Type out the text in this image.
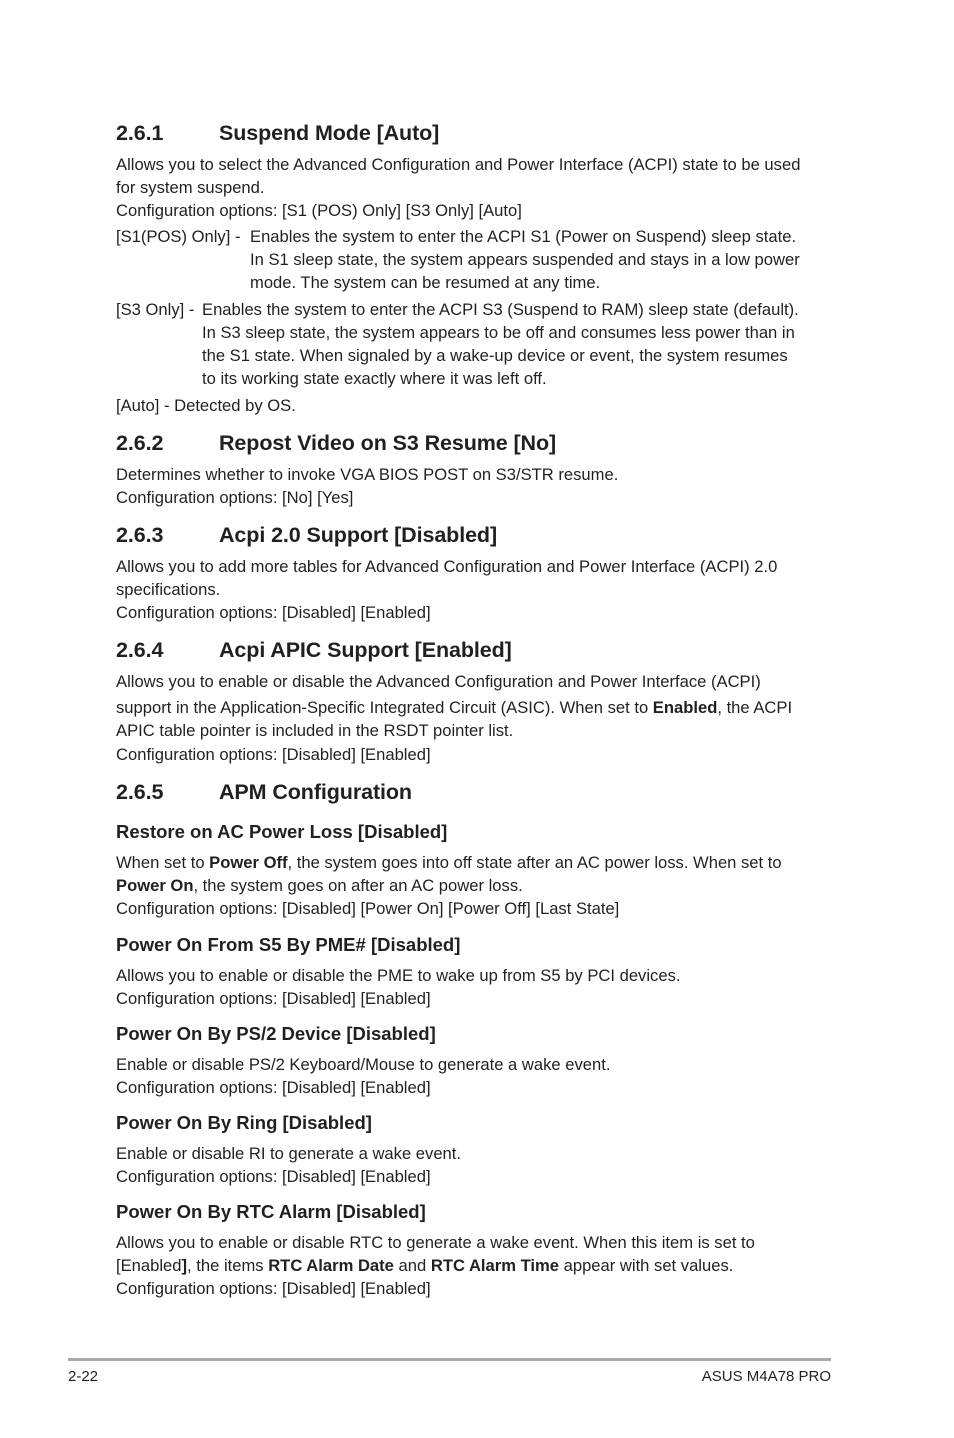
2.6.1	Suspend Mode [Auto]
Allows you to select the Advanced Configuration and Power Interface (ACPI) state to be used
for system suspend.
Configuration options: [S1 (POS) Only] [S3 Only] [Auto]
[S1(POS) Only] - Enables the system to enter the ACPI S1 (Power on Suspend) sleep state.
In S1 sleep state, the system appears suspended and stays in a low power
mode. The system can be resumed at any time.
[S3 Only] - Enables the system to enter the ACPI S3 (Suspend to RAM) sleep state (default).
In S3 sleep state, the system appears to be off and consumes less power than in
the S1 state. When signaled by a wake-up device or event, the system resumes
to its working state exactly where it was left off.
[Auto] - Detected by OS.
2.6.2	Repost Video on S3 Resume [No]
Determines whether to invoke VGA BIOS POST on S3/STR resume.
Configuration options: [No] [Yes]
2.6.3	Acpi 2.0 Support [Disabled]
Allows you to add more tables for Advanced Configuration and Power Interface (ACPI) 2.0
specifications.
Configuration options: [Disabled] [Enabled]
2.6.4	Acpi APIC Support [Enabled]
Allows you to enable or disable the Advanced Configuration and Power Interface (ACPI)
support in the Application-Specific Integrated Circuit (ASIC). When set to Enabled, the ACPI
APIC table pointer is included in the RSDT pointer list.
Configuration options: [Disabled] [Enabled]
2.6.5	APM Configuration
Restore on AC Power Loss [Disabled]
When set to Power Off, the system goes into off state after an AC power loss. When set to
Power On, the system goes on after an AC power loss.
Configuration options: [Disabled] [Power On] [Power Off] [Last State]
Power On From S5 By PME# [Disabled]
Allows you to enable or disable the PME to wake up from S5 by PCI devices.
Configuration options: [Disabled] [Enabled]
Power On By PS/2 Device [Disabled]
Enable or disable PS/2 Keyboard/Mouse to generate a wake event.
Configuration options: [Disabled] [Enabled]
Power On By Ring [Disabled]
Enable or disable RI to generate a wake event.
Configuration options: [Disabled] [Enabled]
Power On By RTC Alarm [Disabled]
Allows you to enable or disable RTC to generate a wake event. When this item is set to
[Enabled], the items RTC Alarm Date and RTC Alarm Time appear with set values.
Configuration options: [Disabled] [Enabled]
2-22	ASUS M4A78 PRO
